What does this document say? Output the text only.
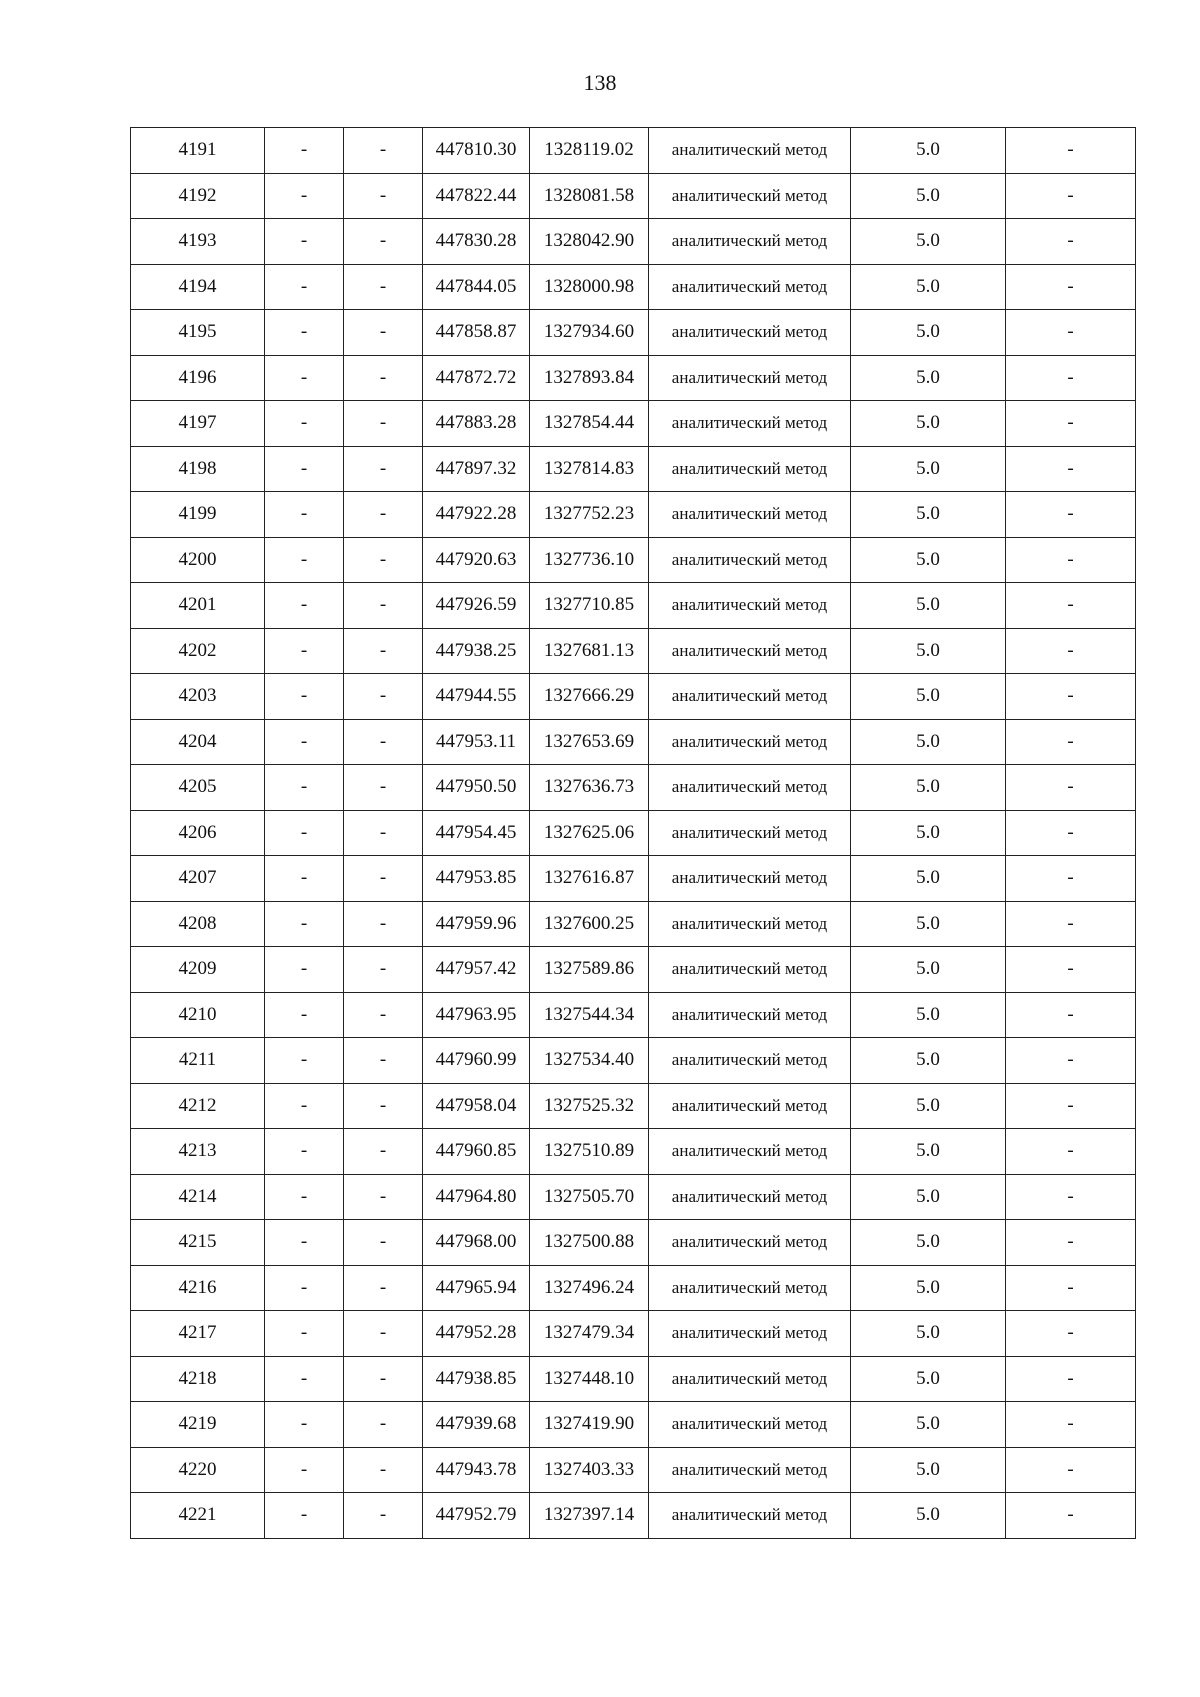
138
4191	-	-	447810.30	1328119.02	аналитический метод	5.0	-
4192	-	-	447822.44	1328081.58	аналитический метод	5.0	-
4193	-	-	447830.28	1328042.90	аналитический метод	5.0	-
4194	-	-	447844.05	1328000.98	аналитический метод	5.0	-
4195	-	-	447858.87	1327934.60	аналитический метод	5.0	-
4196	-	-	447872.72	1327893.84	аналитический метод	5.0	-
4197	-	-	447883.28	1327854.44	аналитический метод	5.0	-
4198	-	-	447897.32	1327814.83	аналитический метод	5.0	-
4199	-	-	447922.28	1327752.23	аналитический метод	5.0	-
4200	-	-	447920.63	1327736.10	аналитический метод	5.0	-
4201	-	-	447926.59	1327710.85	аналитический метод	5.0	-
4202	-	-	447938.25	1327681.13	аналитический метод	5.0	-
4203	-	-	447944.55	1327666.29	аналитический метод	5.0	-
4204	-	-	447953.11	1327653.69	аналитический метод	5.0	-
4205	-	-	447950.50	1327636.73	аналитический метод	5.0	-
4206	-	-	447954.45	1327625.06	аналитический метод	5.0	-
4207	-	-	447953.85	1327616.87	аналитический метод	5.0	-
4208	-	-	447959.96	1327600.25	аналитический метод	5.0	-
4209	-	-	447957.42	1327589.86	аналитический метод	5.0	-
4210	-	-	447963.95	1327544.34	аналитический метод	5.0	-
4211	-	-	447960.99	1327534.40	аналитический метод	5.0	-
4212	-	-	447958.04	1327525.32	аналитический метод	5.0	-
4213	-	-	447960.85	1327510.89	аналитический метод	5.0	-
4214	-	-	447964.80	1327505.70	аналитический метод	5.0	-
4215	-	-	447968.00	1327500.88	аналитический метод	5.0	-
4216	-	-	447965.94	1327496.24	аналитический метод	5.0	-
4217	-	-	447952.28	1327479.34	аналитический метод	5.0	-
4218	-	-	447938.85	1327448.10	аналитический метод	5.0	-
4219	-	-	447939.68	1327419.90	аналитический метод	5.0	-
4220	-	-	447943.78	1327403.33	аналитический метод	5.0	-
4221	-	-	447952.79	1327397.14	аналитический метод	5.0	-
